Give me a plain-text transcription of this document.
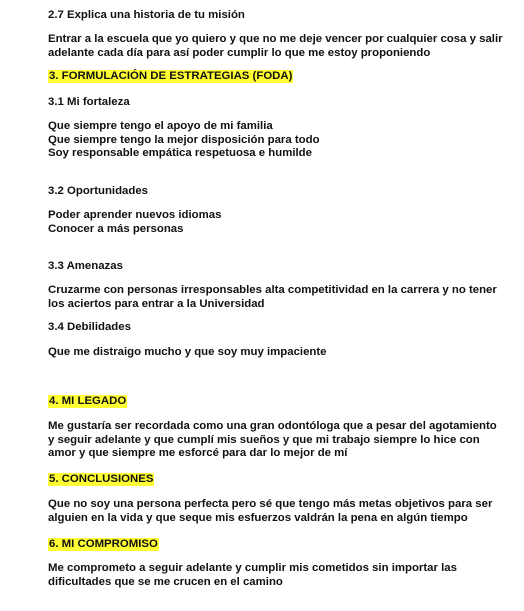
2.7 Explica una historia de tu misión
Entrar a la escuela que yo quiero y que no me deje vencer por cualquier cosa y salir
adelante cada día para así poder cumplir lo que me estoy proponiendo
3. FORMULACIÓN DE ESTRATEGIAS (FODA)
3.1 Mi fortaleza
Que siempre tengo el apoyo de mi familia
Que siempre tengo la mejor disposición para todo
Soy responsable empática respetuosa e humilde
3.2 Oportunidades
Poder aprender nuevos idiomas
Conocer a más personas
3.3 Amenazas
Cruzarme con personas irresponsables alta competitividad en la carrera y no tener
los aciertos para entrar a la Universidad
3.4 Debilidades
Que me distraigo mucho y que soy muy impaciente
4. MI LEGADO
Me gustaría ser recordada como una gran odontóloga que a pesar del agotamiento
y seguir adelante y que cumplí mis sueños y que mi trabajo siempre lo hice con
amor y que siempre me esforcé para dar lo mejor de mí
5. CONCLUSIONES
Que no soy una persona perfecta pero sé que tengo más metas objetivos para ser
alguien en la vida y que seque mis esfuerzos valdrán la pena en algún tiempo
6. MI COMPROMISO
Me comprometo a seguir adelante y cumplir mis cometidos sin importar las
dificultades que se me crucen en el camino
